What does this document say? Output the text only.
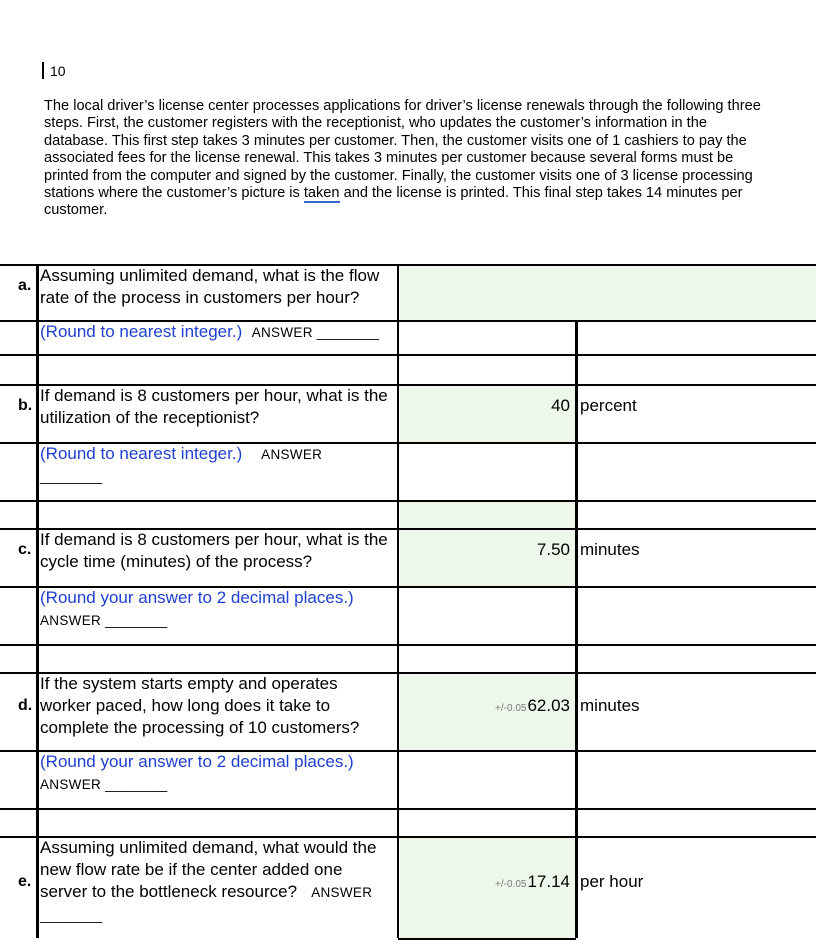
10

The local driver’s license center processes applications for driver’s license renewals through the following three steps. First, the customer registers with the receptionist, who updates the customer’s information in the database. This first step takes 3 minutes per customer. Then, the customer visits one of 1 cashiers to pay the associated fees for the license renewal. This takes 3 minutes per customer because several forms must be printed from the computer and signed by the customer. Finally, the customer visits one of 3 license processing stations where the customer’s picture is taken and the license is printed. This final step takes 14 minutes per customer.

a.
Assuming unlimited demand, what is the flow rate of the process in customers per hour?
(Round to nearest integer.) ANSWER ________
b.
If demand is 8 customers per hour, what is the utilization of the receptionist?
(Round to nearest integer.) ANSWER
________
40 percent
c.
If demand is 8 customers per hour, what is the cycle time (minutes) of the process?
(Round your answer to 2 decimal places.)
ANSWER ________
7.50 minutes
d.
If the system starts empty and operates worker paced, how long does it take to complete the processing of 10 customers?
(Round your answer to 2 decimal places.)
ANSWER ________
+/-0.0562.03 minutes
e.
Assuming unlimited demand, what would the new flow rate be if the center added one server to the bottleneck resource? ANSWER
________
+/-0.0517.14 per hour
